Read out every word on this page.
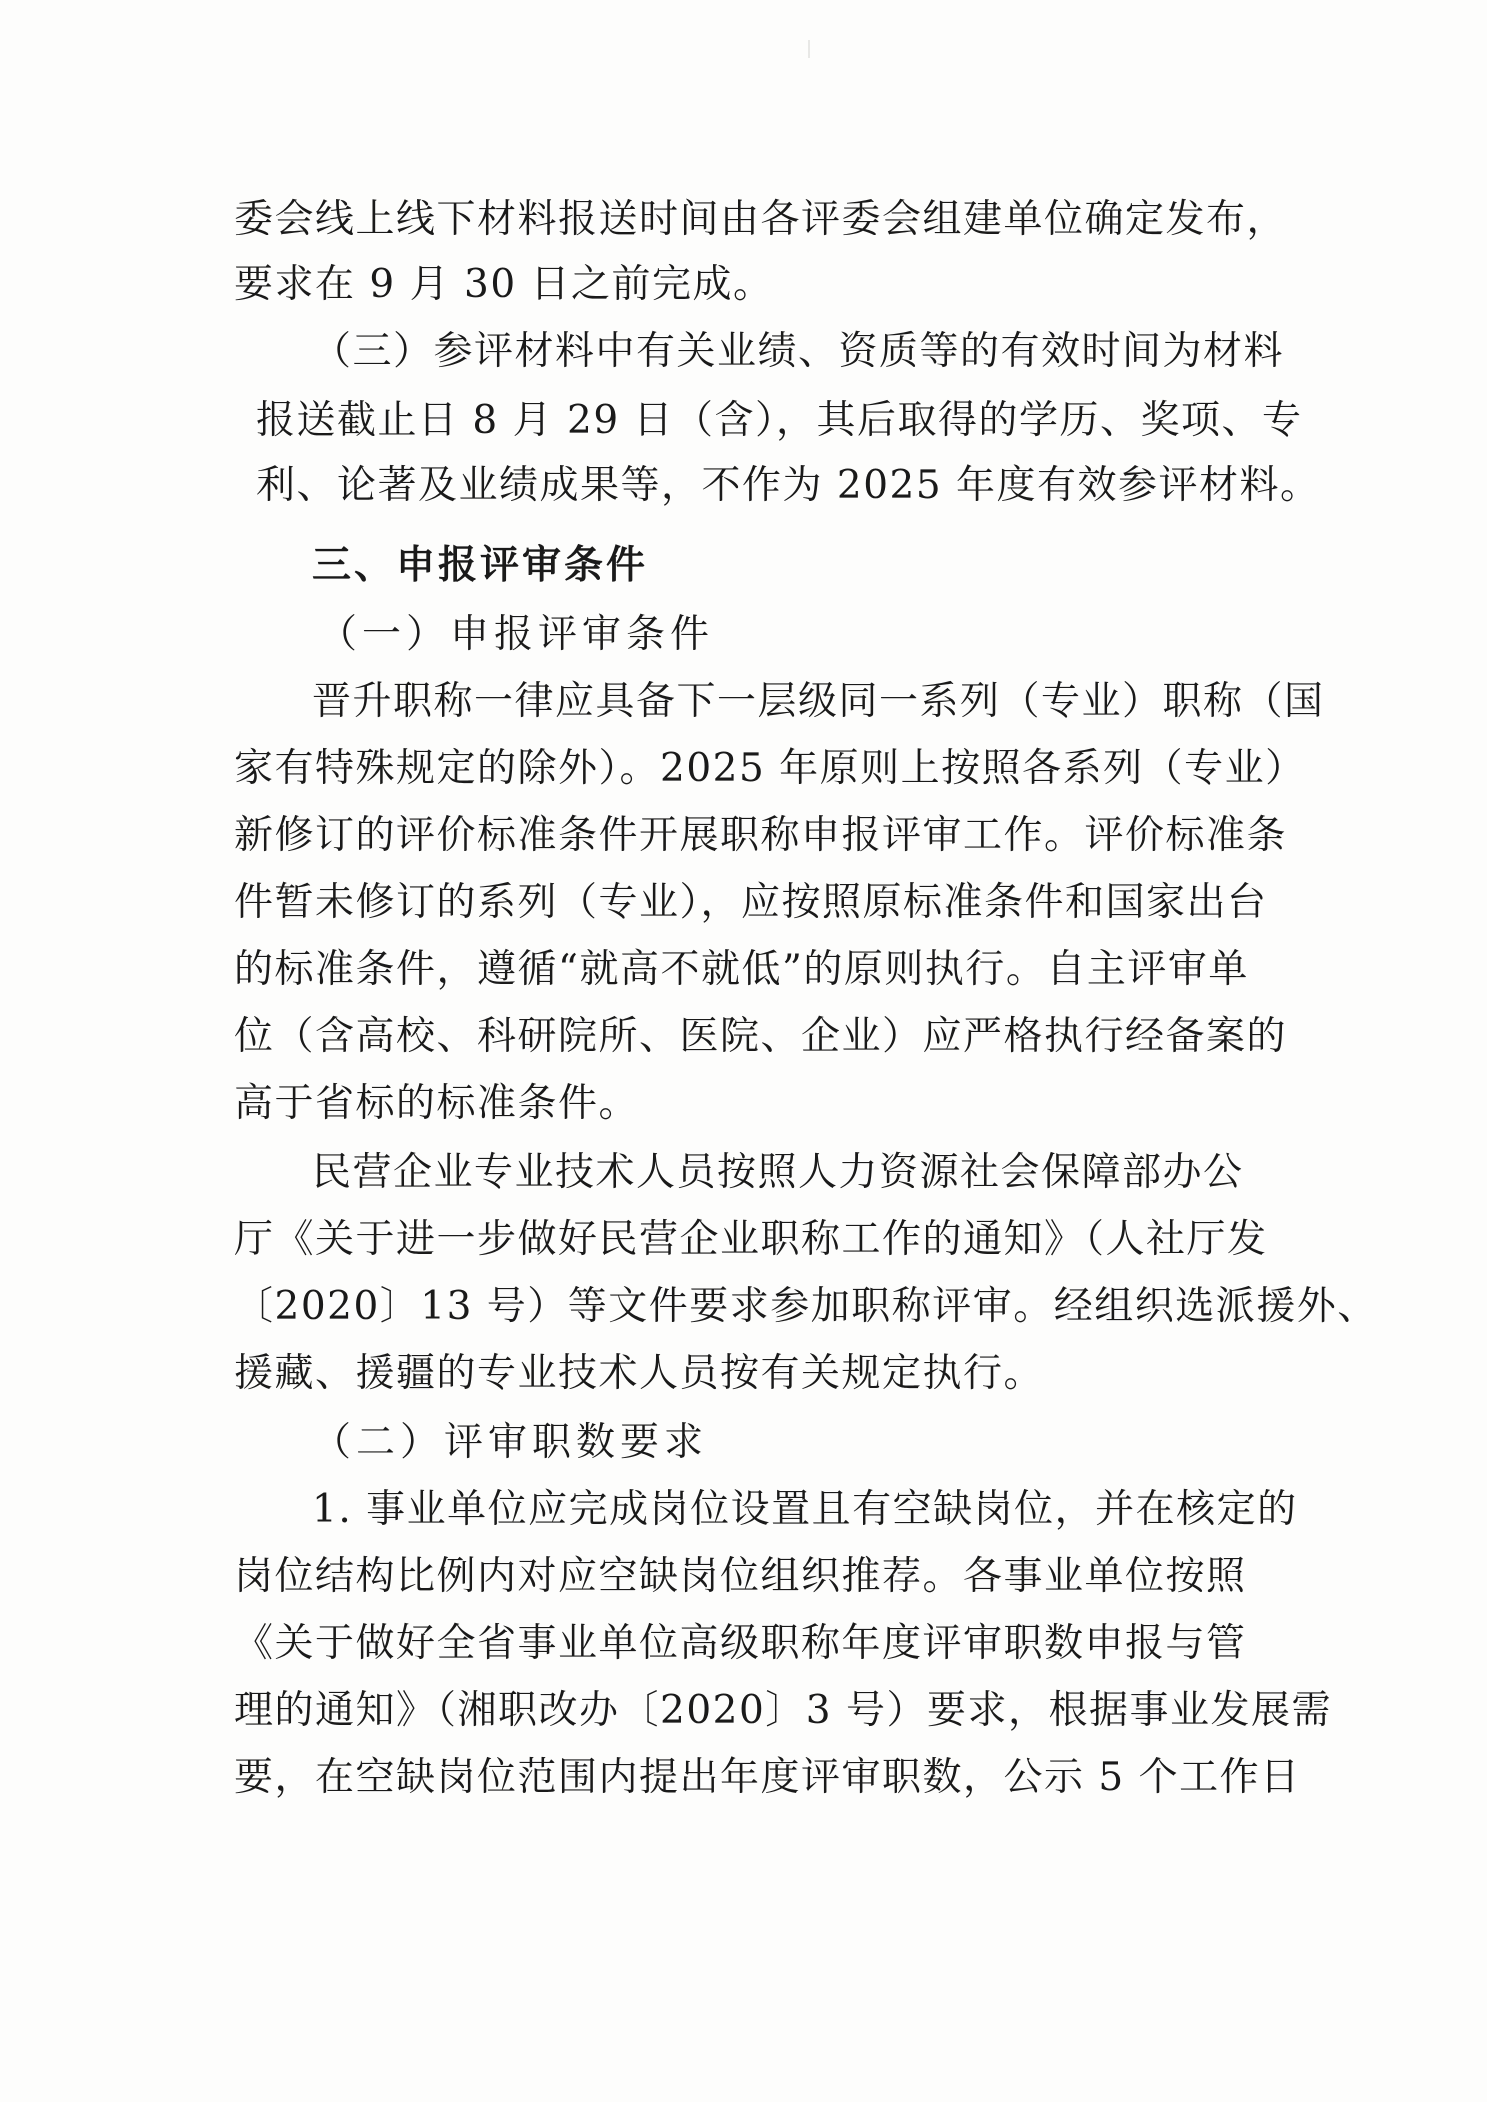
委会线上线下材料报送时间由各评委会组建单位确定发布，
要求在 9 月 30 日之前完成。
（三）参评材料中有关业绩、资质等的有效时间为材料
报送截止日 8 月 29 日（含），其后取得的学历、奖项、专
利、论著及业绩成果等，不作为 2025 年度有效参评材料。
三、申报评审条件
（一）申报评审条件
晋升职称一律应具备下一层级同一系列（专业）职称（国
家有特殊规定的除外）。2025 年原则上按照各系列（专业）
新修订的评价标准条件开展职称申报评审工作。评价标准条
件暂未修订的系列（专业），应按照原标准条件和国家出台
的标准条件，遵循“就高不就低”的原则执行。自主评审单
位（含高校、科研院所、医院、企业）应严格执行经备案的
高于省标的标准条件。
民营企业专业技术人员按照人力资源社会保障部办公
厅《关于进一步做好民营企业职称工作的通知》（人社厅发
〔2020〕13 号）等文件要求参加职称评审。经组织选派援外、
援藏、援疆的专业技术人员按有关规定执行。
（二）评审职数要求
1. 事业单位应完成岗位设置且有空缺岗位，并在核定的
岗位结构比例内对应空缺岗位组织推荐。各事业单位按照
《关于做好全省事业单位高级职称年度评审职数申报与管
理的通知》（湘职改办〔2020〕3 号）要求，根据事业发展需
要，在空缺岗位范围内提出年度评审职数，公示 5 个工作日
